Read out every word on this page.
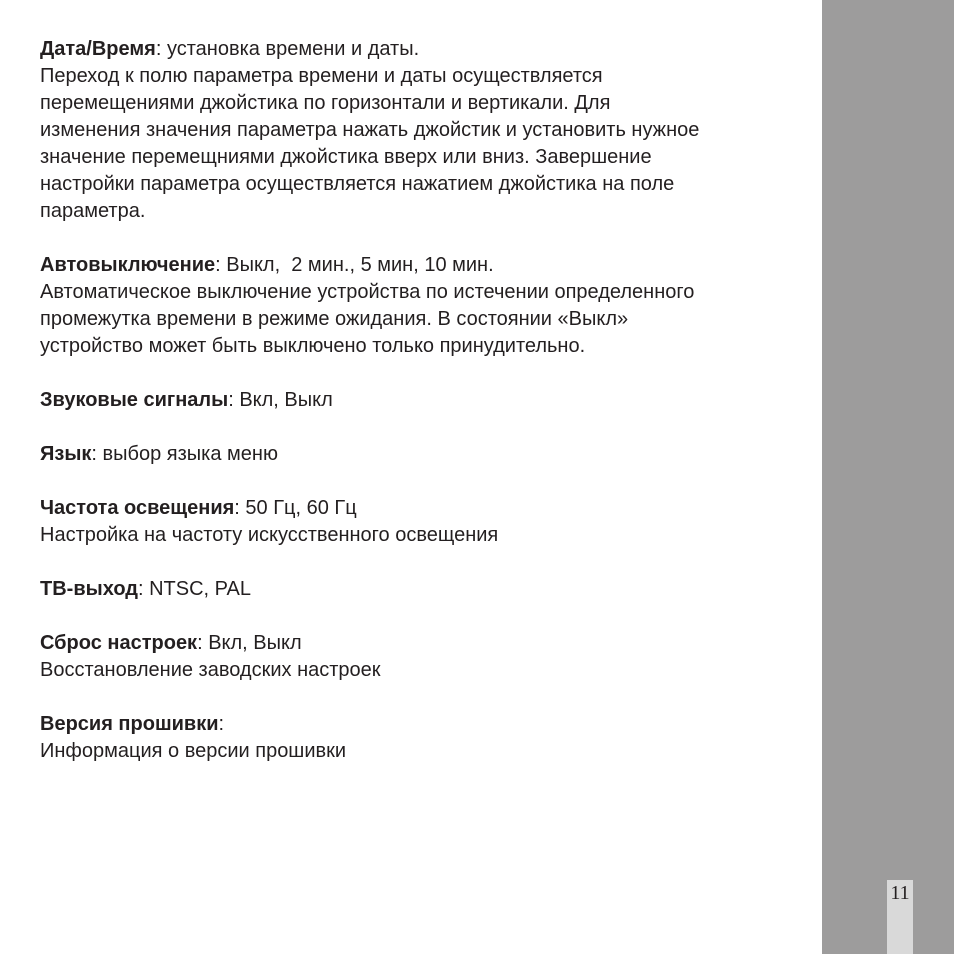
Дата/Время: установка времени и даты.

Переход к полю параметра времени и даты осуществляется

перемещениями джойстика по горизонтали и вертикали. Для

изменения значения параметра нажать джойстик и установить нужное

значение перемещниями джойстика вверх или вниз. Завершение

настройки параметра осуществляется нажатием джойстика на поле

параметра.

Автовыключение: Выкл,  2 мин., 5 мин, 10 мин.

Автоматическое выключение устройства по истечении определенного

промежутка времени в режиме ожидания. В состоянии «Выкл»

устройство может быть выключено только принудительно.

Звуковые сигналы: Вкл, Выкл

Язык: выбор языка меню

Частота освещения: 50 Гц, 60 Гц

Настройка на частоту искусственного освещения

ТВ-выход: NTSC, PAL

Сброс настроек: Вкл, Выкл

Восстановление заводских настроек

Версия прошивки:

Информация о версии прошивки

11
